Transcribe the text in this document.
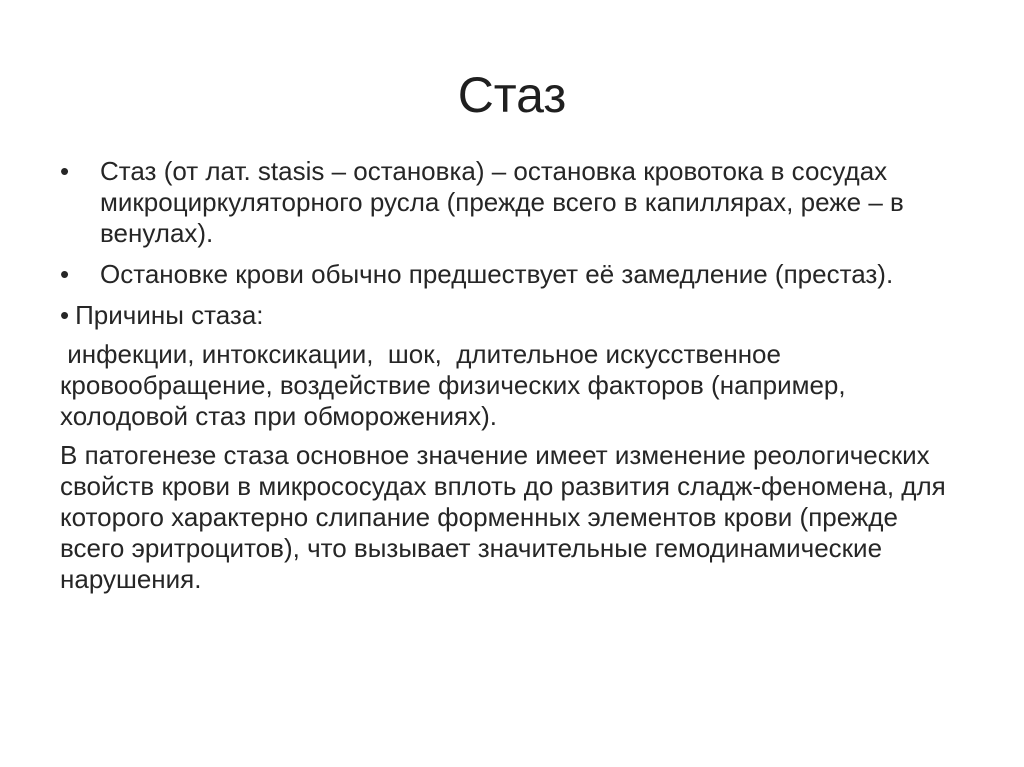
Стаз
•	Стаз (от лат. stasis – остановка) – остановка кровотока в сосудах микроциркуляторного русла (прежде всего в капиллярах, реже – в венулах).
•	Остановке крови обычно предшествует её замедление (престаз).
• Причины стаза:
инфекции, интоксикации,  шок,  длительное искусственное кровообращение, воздействие физических факторов (например, холодовой стаз при обморожениях).
В патогенезе стаза основное значение имеет изменение реологических свойств крови в микрососудах вплоть до развития сладж-феномена, для которого характерно слипание форменных элементов крови (прежде всего эритроцитов), что вызывает значительные гемодинамические нарушения.
